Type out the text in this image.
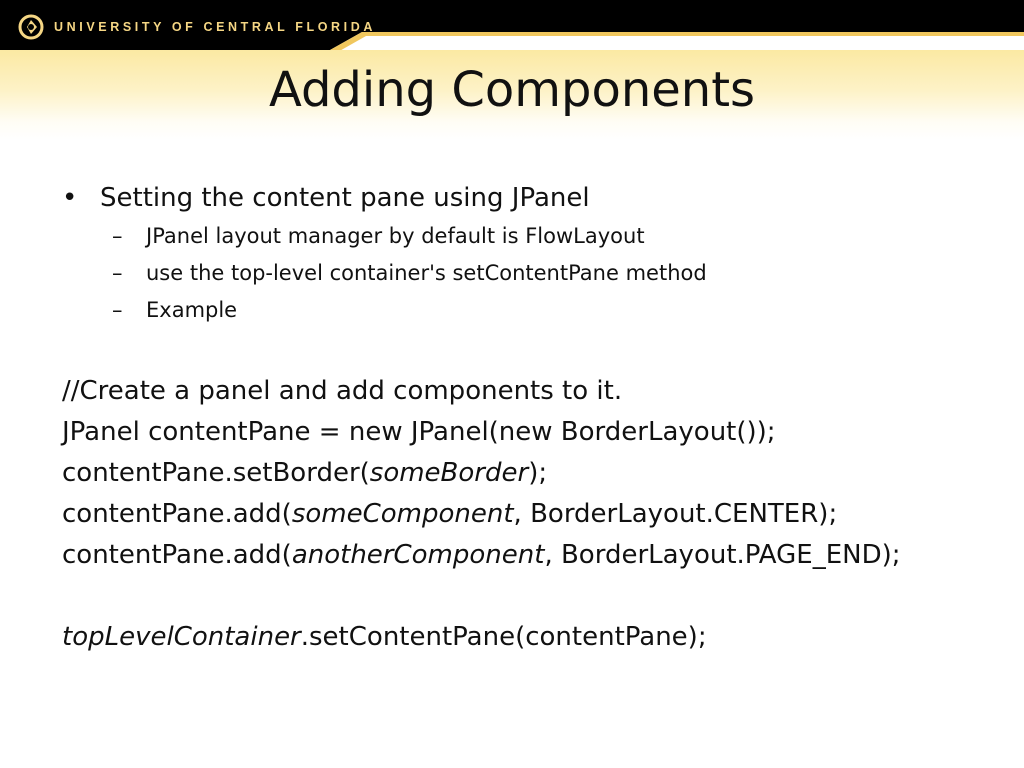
UNIVERSITY OF CENTRAL FLORIDA
Adding Components
• Setting the content pane using JPanel
– JPanel layout manager by default is FlowLayout
– use the top-level container's setContentPane method
– Example
//Create a panel and add components to it.
JPanel contentPane = new JPanel(new BorderLayout());
contentPane.setBorder(someBorder);
contentPane.add(someComponent, BorderLayout.CENTER);
contentPane.add(anotherComponent, BorderLayout.PAGE_END);
topLevelContainer.setContentPane(contentPane);
